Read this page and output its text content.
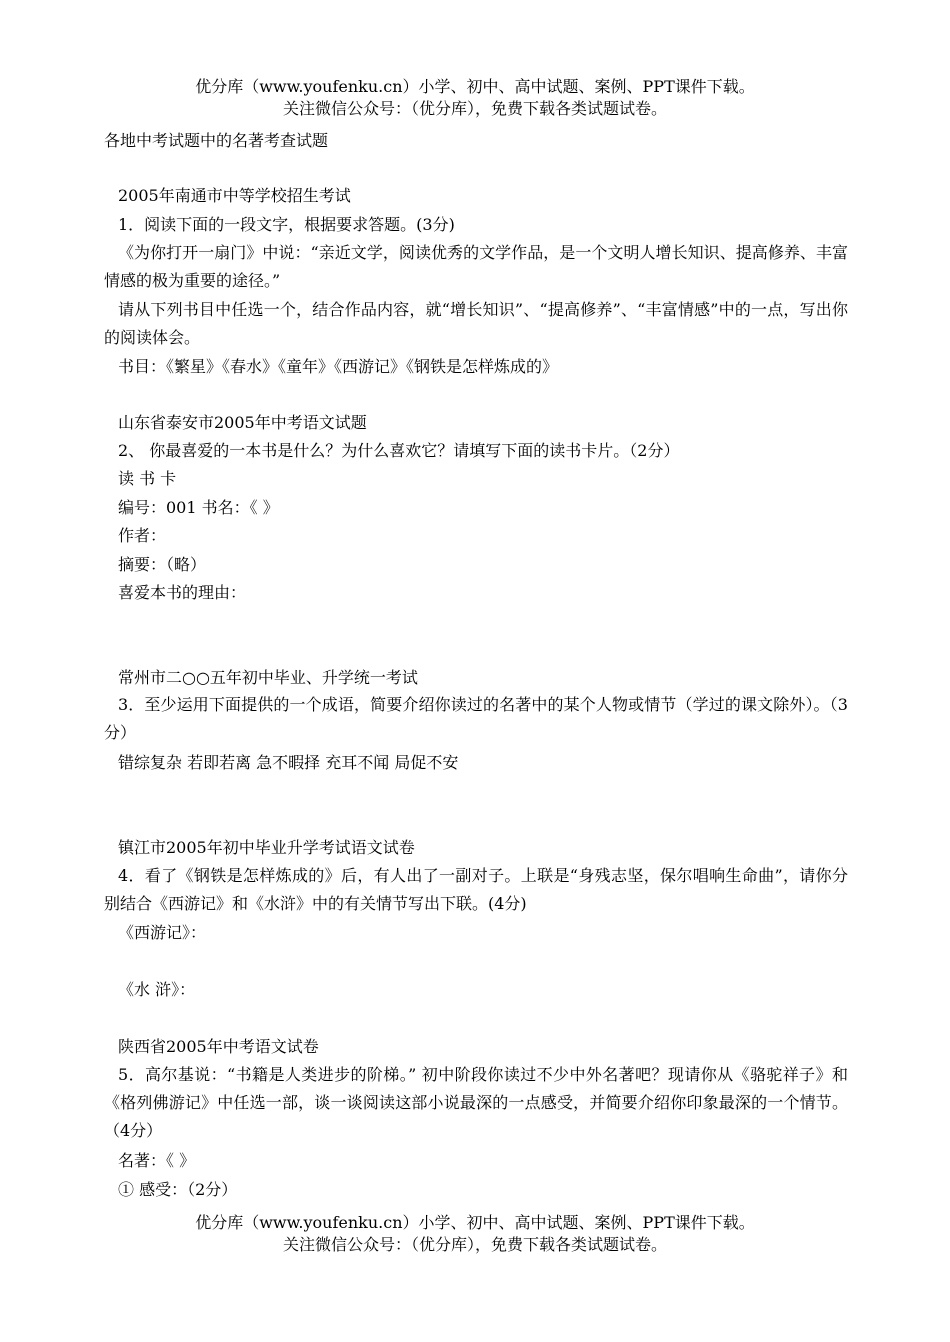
优分库（www.youfenku.cn）小学、初中、高中试题、案例、PPT课件下载。
关注微信公众号：（优分库），免费下载各类试题试卷。
各地中考试题中的名著考查试题
2005年南通市中等学校招生考试
1．阅读下面的一段文字，根据要求答题。(3分)
《为你打开一扇门》中说：“亲近文学，阅读优秀的文学作品，是一个文明人增长知识、提高修养、丰富情感的极为重要的途径。”
请从下列书目中任选一个，结合作品内容，就“增长知识”、“提高修养”、“丰富情感”中的一点，写出你的阅读体会。
书目：《繁星》《春水》《童年》《西游记》《钢铁是怎样炼成的》
山东省泰安市2005年中考语文试题
2、 你最喜爱的一本书是什么？为什么喜欢它？请填写下面的读书卡片。（2分）
读 书 卡
编号：001 书名：《 》
作者：
摘要：（略）
喜爱本书的理由：
常州市二○○五年初中毕业、升学统一考试
3．至少运用下面提供的一个成语，简要介绍你读过的名著中的某个人物或情节（学过的课文除外）。（3分）
错综复杂 若即若离 急不暇择 充耳不闻 局促不安
镇江市2005年初中毕业升学考试语文试卷
4．看了《钢铁是怎样炼成的》后，有人出了一副对子。上联是“身残志坚，保尔唱响生命曲”，请你分别结合《西游记》和《水浒》中的有关情节写出下联。(4分)
《西游记》：
《水 浒》：
陕西省2005年中考语文试卷
5．高尔基说：“书籍是人类进步的阶梯。” 初中阶段你读过不少中外名著吧？现请你从《骆驼祥子》和《格列佛游记》中任选一部，谈一谈阅读这部小说最深的一点感受，并简要介绍你印象最深的一个情节。（4分）
名著：《 》
① 感受：（2分）
优分库（www.youfenku.cn）小学、初中、高中试题、案例、PPT课件下载。
关注微信公众号：（优分库），免费下载各类试题试卷。
